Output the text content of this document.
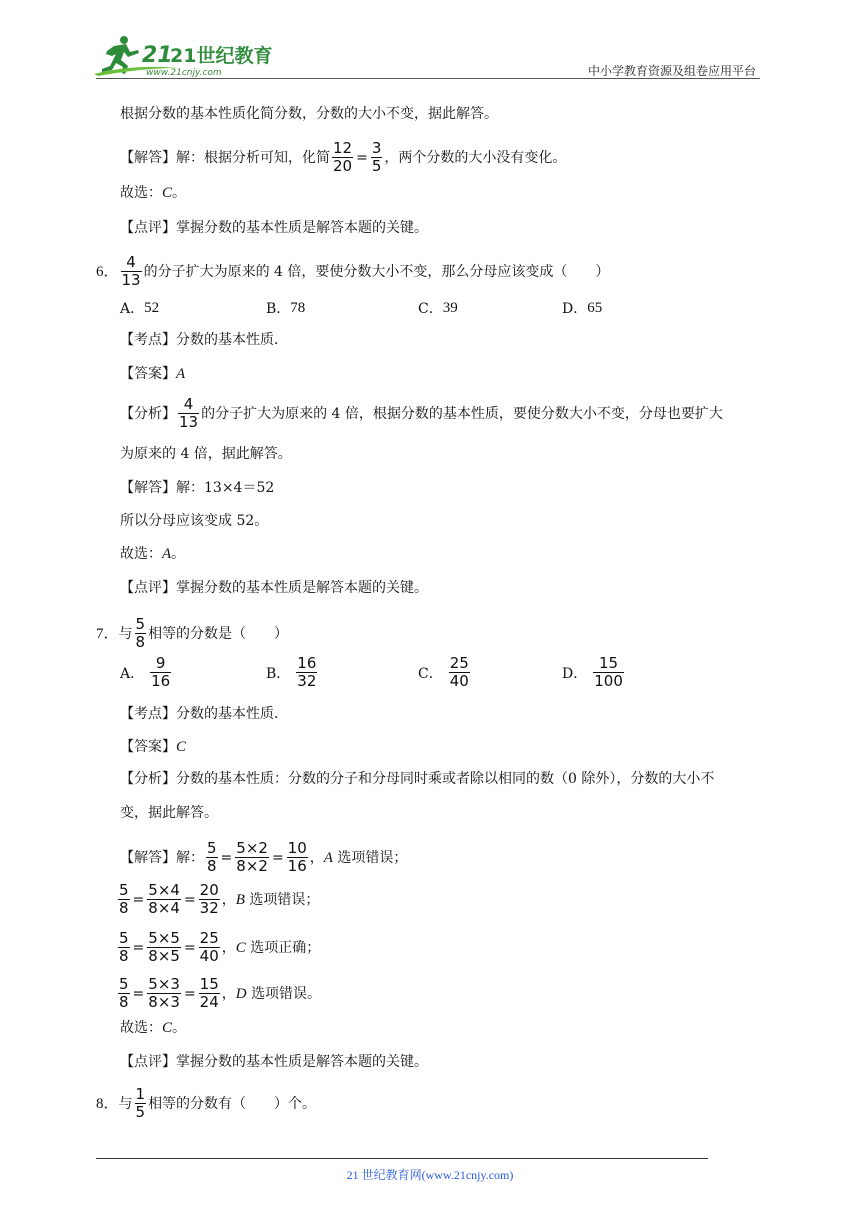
21
21世纪教育
www.21cnjy.com	中小学教育资源及组卷应用平台
根据分数的基本性质化简分数，分数的大小不变，据此解答。
【解答】解：根据分析可知，化简
12
20 =
3
5 ，两个分数的大小没有变化。
故选： C 。
【点评】掌握分数的基本性质是解答本题的关键。
6．
4
13 的分子扩大为原来的 4 倍，要使分数大小不变，那么分母应该变成（　　）
A． 52	B． 78	C． 39	D． 65
【考点】分数的基本性质．
【答案】 A
【分析】
4
13 的分子扩大为原来的 4 倍，根据分数的基本性质，要使分数大小不变，分母也要扩大
为原来的 4 倍，据此解答。
【解答】解：13×4＝52
所以分母应该变成 52。
故选： A 。
【点评】掌握分数的基本性质是解答本题的关键。
7． 与
5
8 相等的分数是（　　）
A．
9
16	B．
16
32	C．
25
40	D．
15
100
【考点】分数的基本性质．
【答案】 C
【分析】分数的基本性质：分数的分子和分母同时乘或者除以相同的数（0 除外），分数的大小不
变，据此解答。
【解答】解：
5
8 =
5×2
8×2 =
10
16 ， A
选项错误；
5
8 =
5×4
8×4 =
20
32 ， B
选项错误；
5
8 =
5×5
8×5 =
25
40 ， C
选项正确；
5
8 =
5×3
8×3 =
15
24 ， D
选项错误。
故选： C 。
【点评】掌握分数的基本性质是解答本题的关键。
8． 与
1
5 相等的分数有（　　）个。
21 世纪教育网(www.21cnjy.com)
